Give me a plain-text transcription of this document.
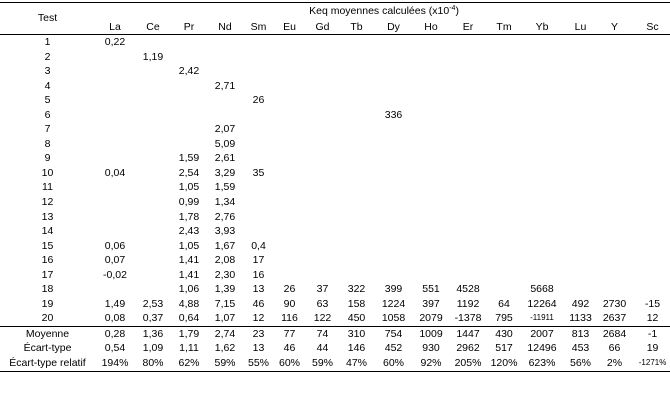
Test	Keq moyennes calculées $(x10^{-4})$															
	La	Ce	Pr	Nd	Sm	Eu	Gd	Tb	Dy	Ho	Er	Tm	Yb	Lu	Y	Sc
1	0,22															
2		1,19														
3			2,42													
4				2,71												
5					26											
6									336							
7				2,07												
8				5,09												
9			1,59	2,61												
10	0,04		2,54	3,29	35											
11			1,05	1,59												
12			0,99	1,34												
13			1,78	2,76												
14			2,43	3,93												
15	0,06		1,05	1,67	0,4											
16	0,07		1,41	2,08	17											
17	-0,02		1,41	2,30	16											
18			1,06	1,39	13	26	37	322	399	551	4528		5668			
19	1,49	2,53	4,88	7,15	46	90	63	158	1224	397	1192	64	12264	492	2730	-15
20	0,08	0,37	0,64	1,07	12	116	122	450	1058	2079	-1378	795	-11911	1133	2637	12
Moyenne	0,28	1,36	1,79	2,74	23	77	74	310	754	1009	1447	430	2007	813	2684	-1
Écart-type	0,54	1,09	1,11	1,62	13	46	44	146	452	930	2962	517	12496	453	66	19
Écart-type relatif	194%	80%	62%	59%	55%	60%	59%	47%	60%	92%	205%	120%	623%	56%	2%	-1271%
